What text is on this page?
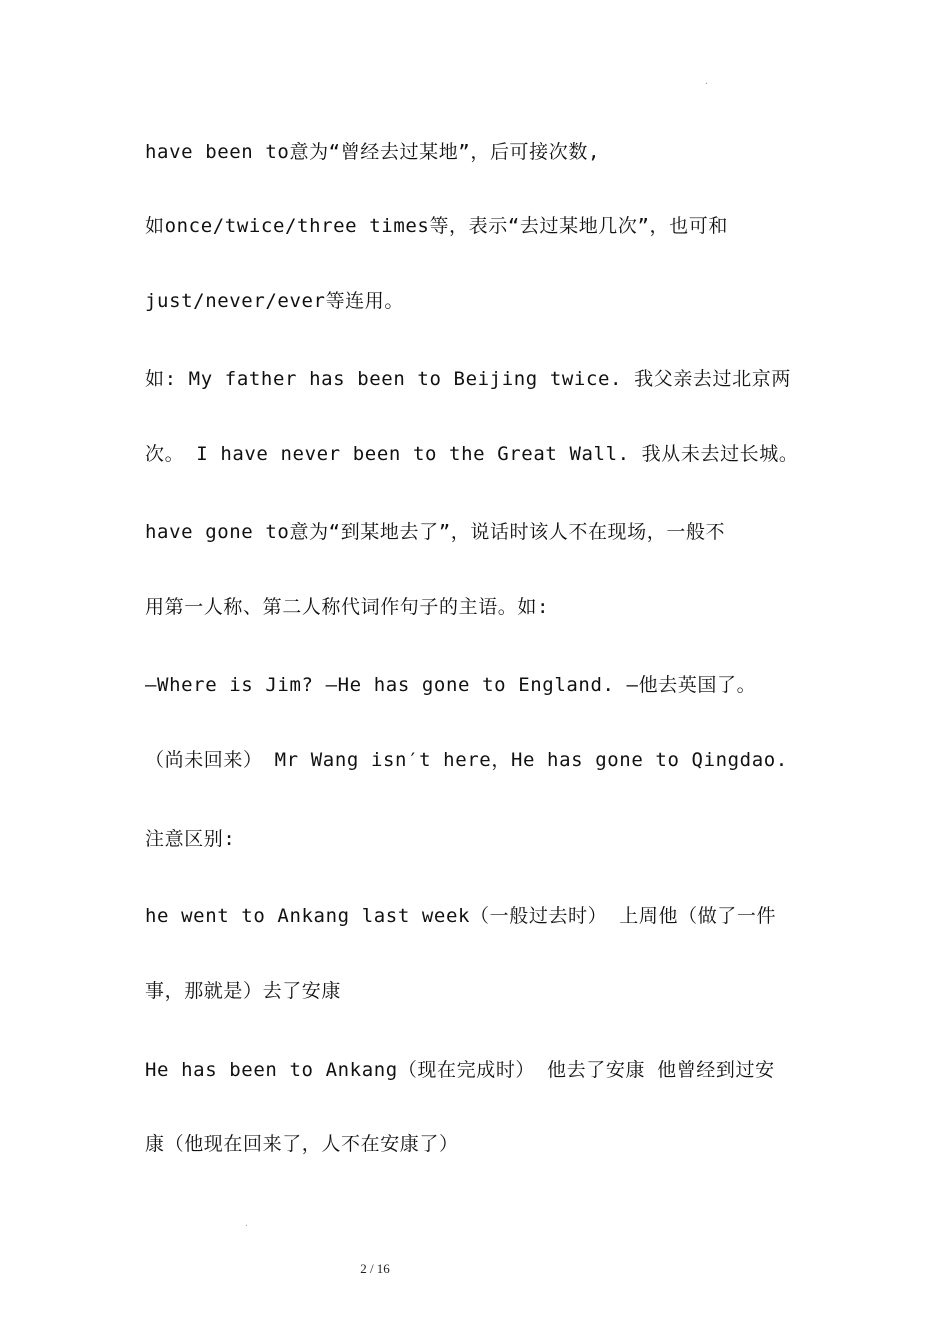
.
have been to意为“曾经去过某地”，后可接次数,
如once/twice/three times等，表示“去过某地几次”，也可和
just/never/ever等连用。
如: My father has been to Beijing twice. 我父亲去过北京两
次。 I have never been to the Great Wall. 我从未去过长城。
have gone to意为“到某地去了”，说话时该人不在现场，一般不
用第一人称、第二人称代词作句子的主语。如:
—Where is Jim? —He has gone to England. —他去英国了。
（尚未回来） Mr Wang isn′t here，He has gone to Qingdao.
注意区别:
he went to Ankang last week（一般过去时） 上周他（做了一件
事，那就是）去了安康
He has been to Ankang（现在完成时） 他去了安康 他曾经到过安
康（他现在回来了，人不在安康了）
.
2 / 16
